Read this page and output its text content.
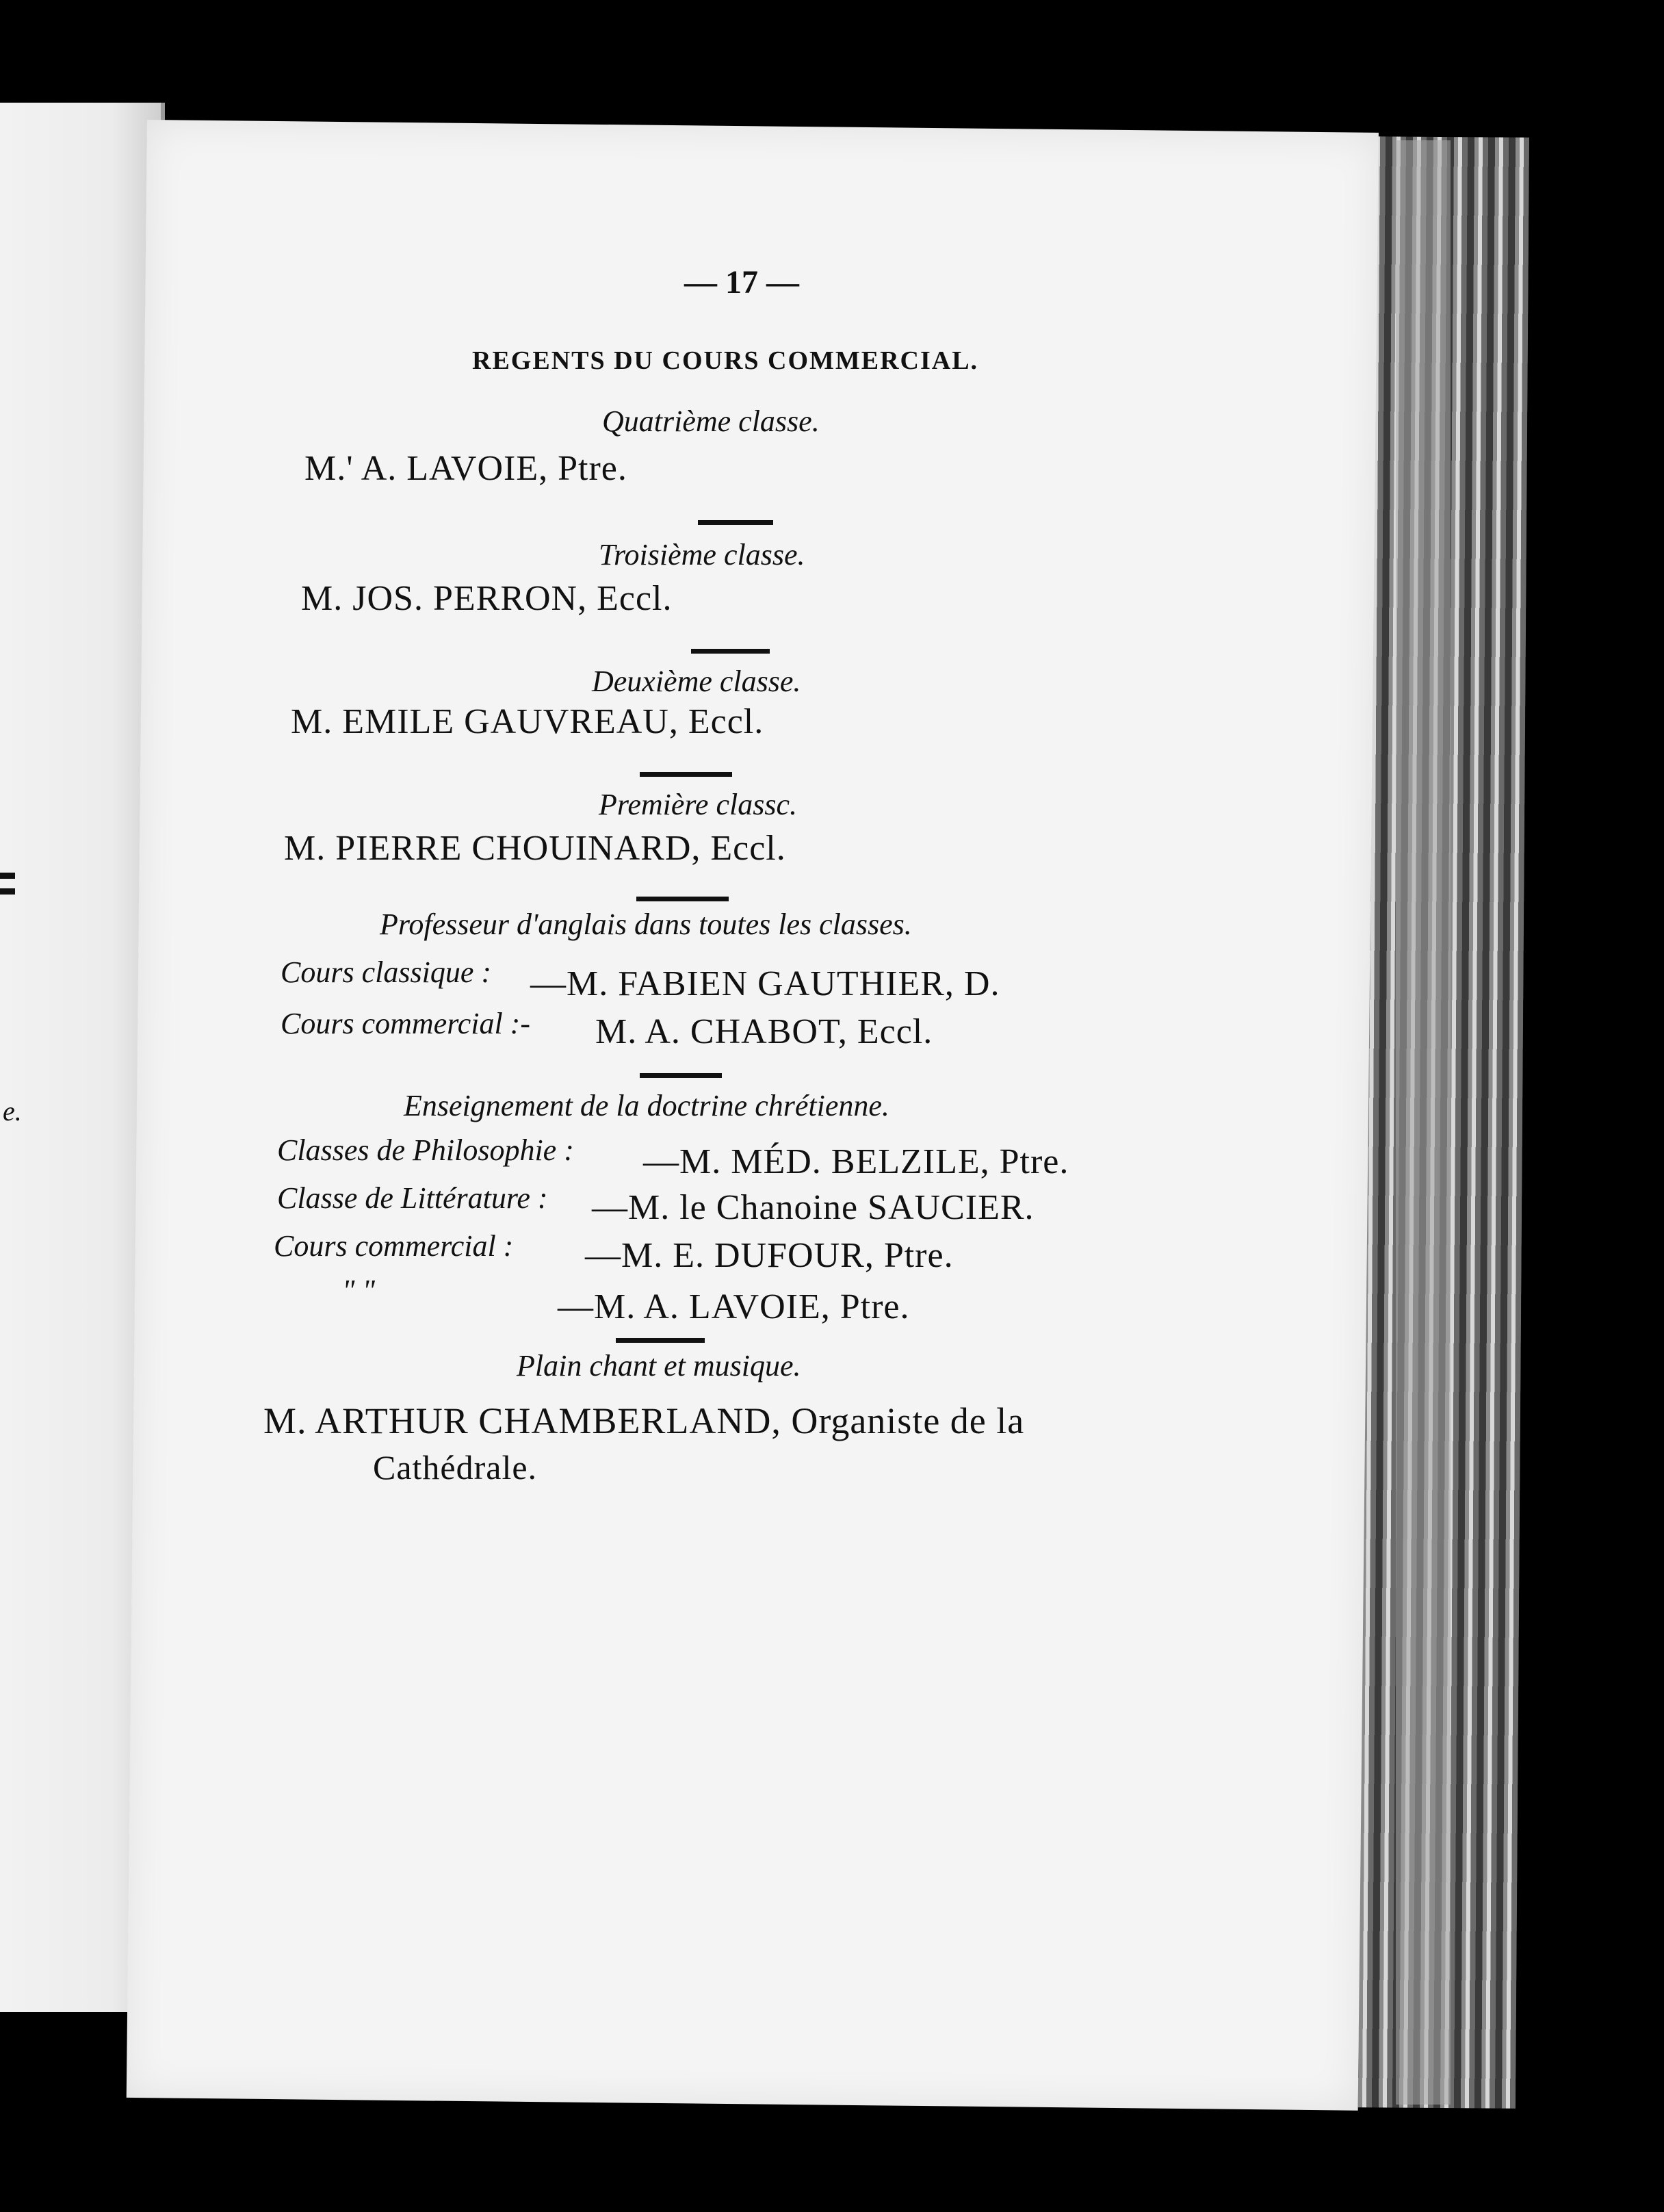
e.
— 17 —
REGENTS DU COURS COMMERCIAL.
Quatrième classe.
M.' A. LAVOIE, Ptre.
Troisième classe.
M. JOS. PERRON, Eccl.
Deuxième classe.
M. EMILE GAUVREAU, Eccl.
Première classc.
M. PIERRE CHOUINARD, Eccl.
Professeur d'anglais dans toutes les classes.
Cours classique : —M. FABIEN GAUTHIER, D.
Cours commercial :- M. A. CHABOT, Eccl.
Enseignement de la doctrine chrétienne.
Classes de Philosophie : —M. MÉD. BELZILE, Ptre.
Classe de Littérature : —M. le Chanoine SAUCIER.
Cours commercial : —M. E. DUFOUR, Ptre.
" "	—M. A. LAVOIE, Ptre.
Plain chant et musique.
M. ARTHUR CHAMBERLAND, Organiste de la
Cathédrale.
